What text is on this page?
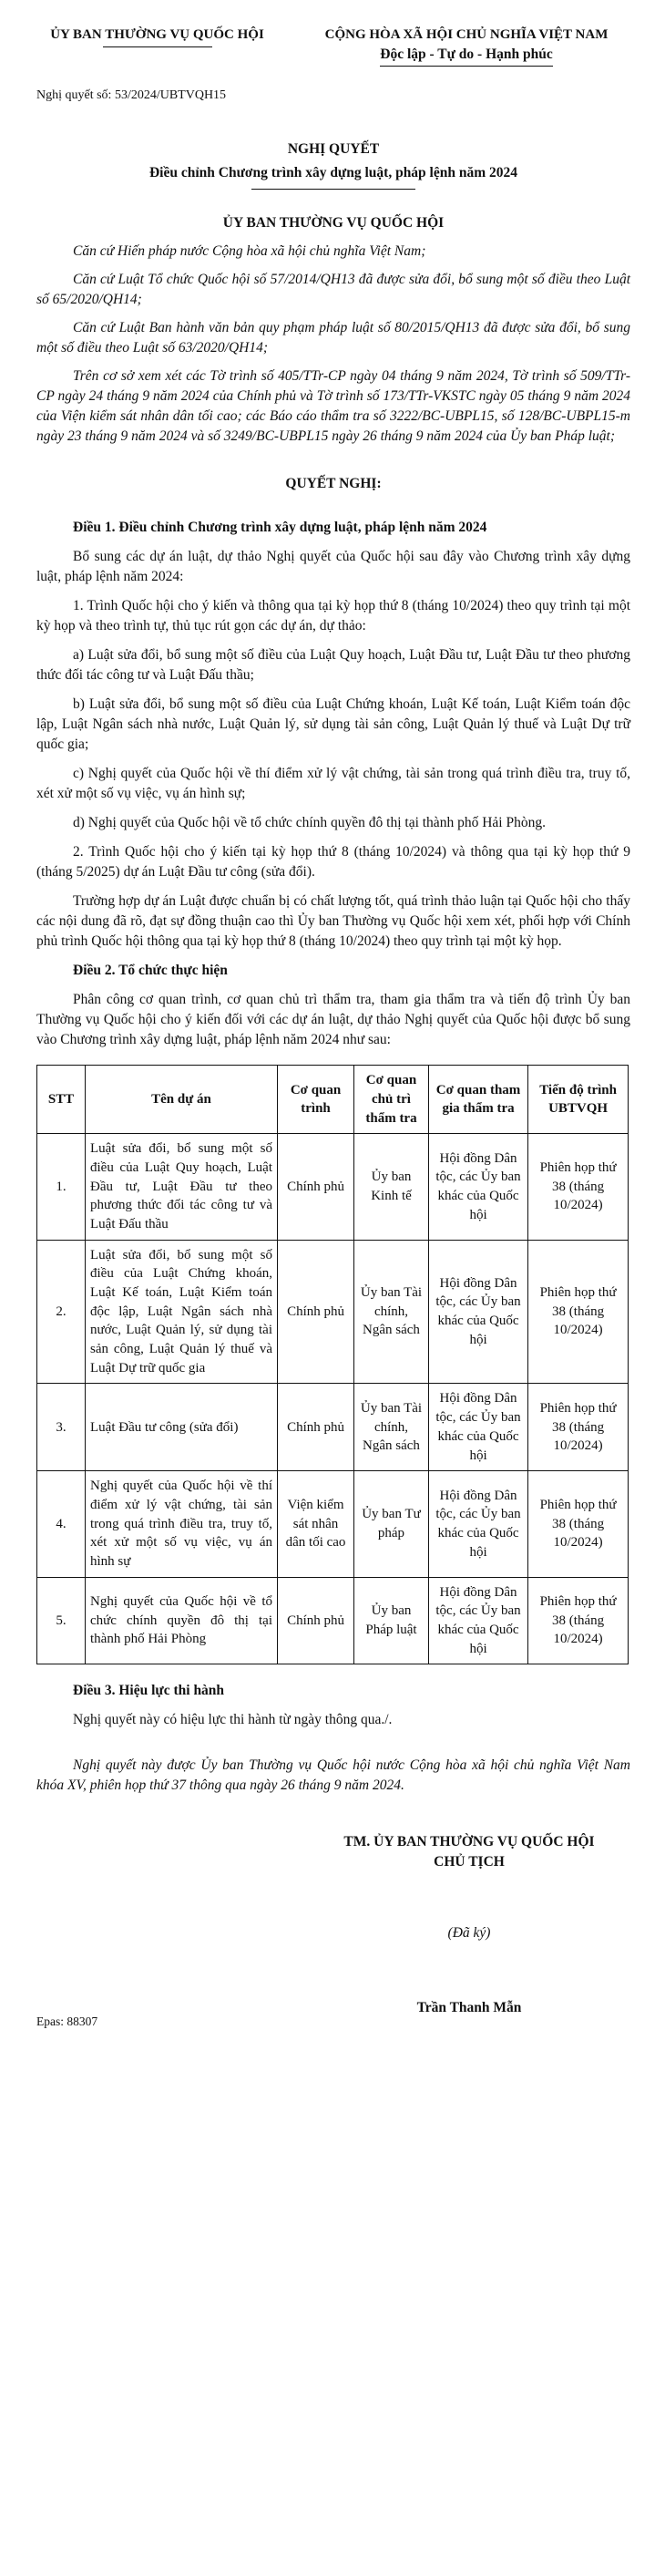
ỦY BAN THƯỜNG VỤ QUỐC HỘI	CỘNG HÒA XÃ HỘI CHỦ NGHĨA VIỆT NAM
Độc lập - Tự do - Hạnh phúc
Nghị quyết số: 53/2024/UBTVQH15
NGHỊ QUYẾT
Điều chỉnh Chương trình xây dựng luật, pháp lệnh năm 2024
ỦY BAN THƯỜNG VỤ QUỐC HỘI

Căn cứ Hiến pháp nước Cộng hòa xã hội chủ nghĩa Việt Nam;

Căn cứ Luật Tổ chức Quốc hội số 57/2014/QH13 đã được sửa đổi, bổ sung một số điều theo Luật số 65/2020/QH14;

Căn cứ Luật Ban hành văn bản quy phạm pháp luật số 80/2015/QH13 đã được sửa đổi, bổ sung một số điều theo Luật số 63/2020/QH14;

Trên cơ sở xem xét các Tờ trình số 405/TTr-CP ngày 04 tháng 9 năm 2024, Tờ trình số 509/TTr-CP ngày 24 tháng 9 năm 2024 của Chính phủ và Tờ trình số 173/TTr-VKSTC ngày 05 tháng 9 năm 2024 của Viện kiểm sát nhân dân tối cao; các Báo cáo thẩm tra số 3222/BC-UBPL15, số 128/BC-UBPL15-m ngày 23 tháng 9 năm 2024 và số 3249/BC-UBPL15 ngày 26 tháng 9 năm 2024 của Ủy ban Pháp luật;

QUYẾT NGHỊ:

Điều 1. Điều chỉnh Chương trình xây dựng luật, pháp lệnh năm 2024

Bổ sung các dự án luật, dự thảo Nghị quyết của Quốc hội sau đây vào Chương trình xây dựng luật, pháp lệnh năm 2024:

1. Trình Quốc hội cho ý kiến và thông qua tại kỳ họp thứ 8 (tháng 10/2024) theo quy trình tại một kỳ họp và theo trình tự, thủ tục rút gọn các dự án, dự thảo:

a) Luật sửa đổi, bổ sung một số điều của Luật Quy hoạch, Luật Đầu tư, Luật Đầu tư theo phương thức đối tác công tư và Luật Đấu thầu;

b) Luật sửa đổi, bổ sung một số điều của Luật Chứng khoán, Luật Kế toán, Luật Kiểm toán độc lập, Luật Ngân sách nhà nước, Luật Quản lý, sử dụng tài sản công, Luật Quản lý thuế và Luật Dự trữ quốc gia;

c) Nghị quyết của Quốc hội về thí điểm xử lý vật chứng, tài sản trong quá trình điều tra, truy tố, xét xử một số vụ việc, vụ án hình sự;

d) Nghị quyết của Quốc hội về tổ chức chính quyền đô thị tại thành phố Hải Phòng.

2. Trình Quốc hội cho ý kiến tại kỳ họp thứ 8 (tháng 10/2024) và thông qua tại kỳ họp thứ 9 (tháng 5/2025) dự án Luật Đầu tư công (sửa đổi).

Trường hợp dự án Luật được chuẩn bị có chất lượng tốt, quá trình thảo luận tại Quốc hội cho thấy các nội dung đã rõ, đạt sự đồng thuận cao thì Ủy ban Thường vụ Quốc hội xem xét, phối hợp với Chính phủ trình Quốc hội thông qua tại kỳ họp thứ 8 (tháng 10/2024) theo quy trình tại một kỳ họp.

Điều 2. Tổ chức thực hiện

Phân công cơ quan trình, cơ quan chủ trì thẩm tra, tham gia thẩm tra và tiến độ trình Ủy ban Thường vụ Quốc hội cho ý kiến đối với các dự án luật, dự thảo Nghị quyết của Quốc hội được bổ sung vào Chương trình xây dựng luật, pháp lệnh năm 2024 như sau:

STT	Tên dự án	Cơ quan trình	Cơ quan chủ trì thẩm tra	Cơ quan tham gia thẩm tra	Tiến độ trình UBTVQH
1.	Luật sửa đổi, bổ sung một số điều của Luật Quy hoạch, Luật Đầu tư, Luật Đầu tư theo phương thức đối tác công tư và Luật Đấu thầu	Chính phủ	Ủy ban Kinh tế	Hội đồng Dân tộc, các Ủy ban khác của Quốc hội	Phiên họp thứ 38 (tháng 10/2024)
2.	Luật sửa đổi, bổ sung một số điều của Luật Chứng khoán, Luật Kế toán, Luật Kiểm toán độc lập, Luật Ngân sách nhà nước, Luật Quản lý, sử dụng tài sản công, Luật Quản lý thuế và Luật Dự trữ quốc gia	Chính phủ	Ủy ban Tài chính, Ngân sách	Hội đồng Dân tộc, các Ủy ban khác của Quốc hội	Phiên họp thứ 38 (tháng 10/2024)
3.	Luật Đầu tư công (sửa đổi)	Chính phủ	Ủy ban Tài chính, Ngân sách	Hội đồng Dân tộc, các Ủy ban khác của Quốc hội	Phiên họp thứ 38 (tháng 10/2024)
4.	Nghị quyết của Quốc hội về thí điểm xử lý vật chứng, tài sản trong quá trình điều tra, truy tố, xét xử một số vụ việc, vụ án hình sự	Viện kiểm sát nhân dân tối cao	Ủy ban Tư pháp	Hội đồng Dân tộc, các Ủy ban khác của Quốc hội	Phiên họp thứ 38 (tháng 10/2024)
5.	Nghị quyết của Quốc hội về tổ chức chính quyền đô thị tại thành phố Hải Phòng	Chính phủ	Ủy ban Pháp luật	Hội đồng Dân tộc, các Ủy ban khác của Quốc hội	Phiên họp thứ 38 (tháng 10/2024)

Điều 3. Hiệu lực thi hành

Nghị quyết này có hiệu lực thi hành từ ngày thông qua./.

Nghị quyết này được Ủy ban Thường vụ Quốc hội nước Cộng hòa xã hội chủ nghĩa Việt Nam khóa XV, phiên họp thứ 37 thông qua ngày 26 tháng 9 năm 2024.

TM. ỦY BAN THƯỜNG VỤ QUỐC HỘI
CHỦ TỊCH
(Đã ký)
Trần Thanh Mẫn
Epas: 88307
